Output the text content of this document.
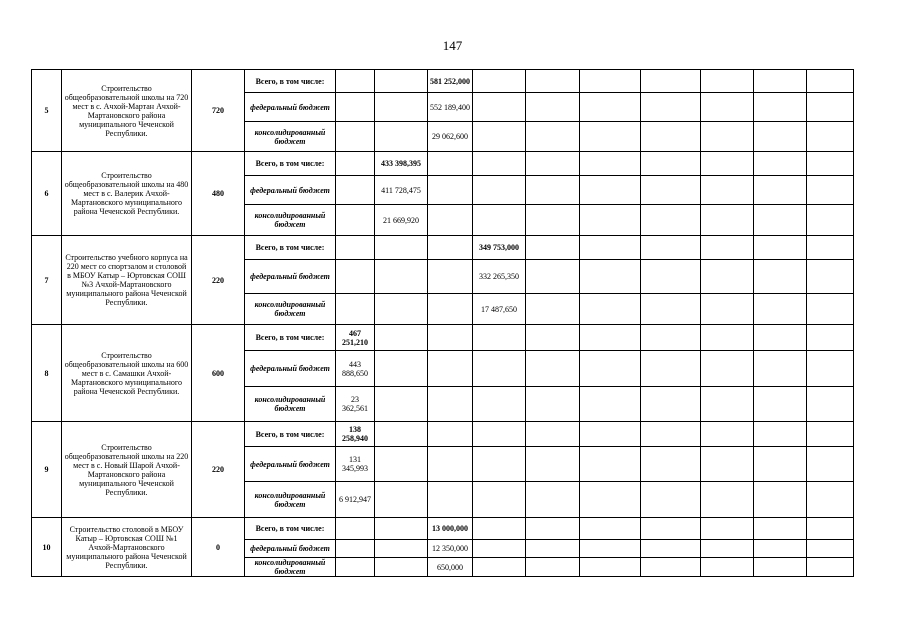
147
5	Строительство общеобразовательной школы на 720 мест в с. Ачхой-Мартан Ачхой-Мартановского района муниципального Чеченской Республики.	720	Всего, в том числе:			581 252,000							
			федеральный бюджет			552 189,400							
			консолидированный бюджет			29 062,600							
6	Строительство общеобразовательной школы на 480 мест в с. Валерик Ачхой-Мартановского муниципального района Чеченской Республики.	480	Всего, в том числе:		433 398,395								
			федеральный бюджет		411 728,475								
			консолидированный бюджет		21 669,920								
7	Строительство учебного корпуса на 220 мест со спортзалом и столовой в МБОУ Катыр – Юртовская СОШ №3 Ачхой-Мартановского муниципального района Чеченской Республики.	220	Всего, в том числе:				349 753,000						
			федеральный бюджет				332 265,350						
			консолидированный бюджет				17 487,650						
8	Строительство общеобразовательной школы на 600 мест в с. Самашки Ачхой-Мартановского муниципального района Чеченской Республики.	600	Всего, в том числе:	467 251,210									
			федеральный бюджет	443 888,650									
			консолидированный бюджет	23 362,561									
9	Строительство общеобразовательной школы на 220 мест в с. Новый Шарой Ачхой-Мартановского района муниципального Чеченской Республики.	220	Всего, в том числе:	138 258,940									
			федеральный бюджет	131 345,993									
			консолидированный бюджет	6 912,947									
10	Строительство столовой в МБОУ Катыр – Юртовская СОШ №1 Ачхой-Мартановского муниципального района Чеченской Республики.	0	Всего, в том числе:			13 000,000							
			федеральный бюджет			12 350,000							
			консолидированный бюджет			650,000							
